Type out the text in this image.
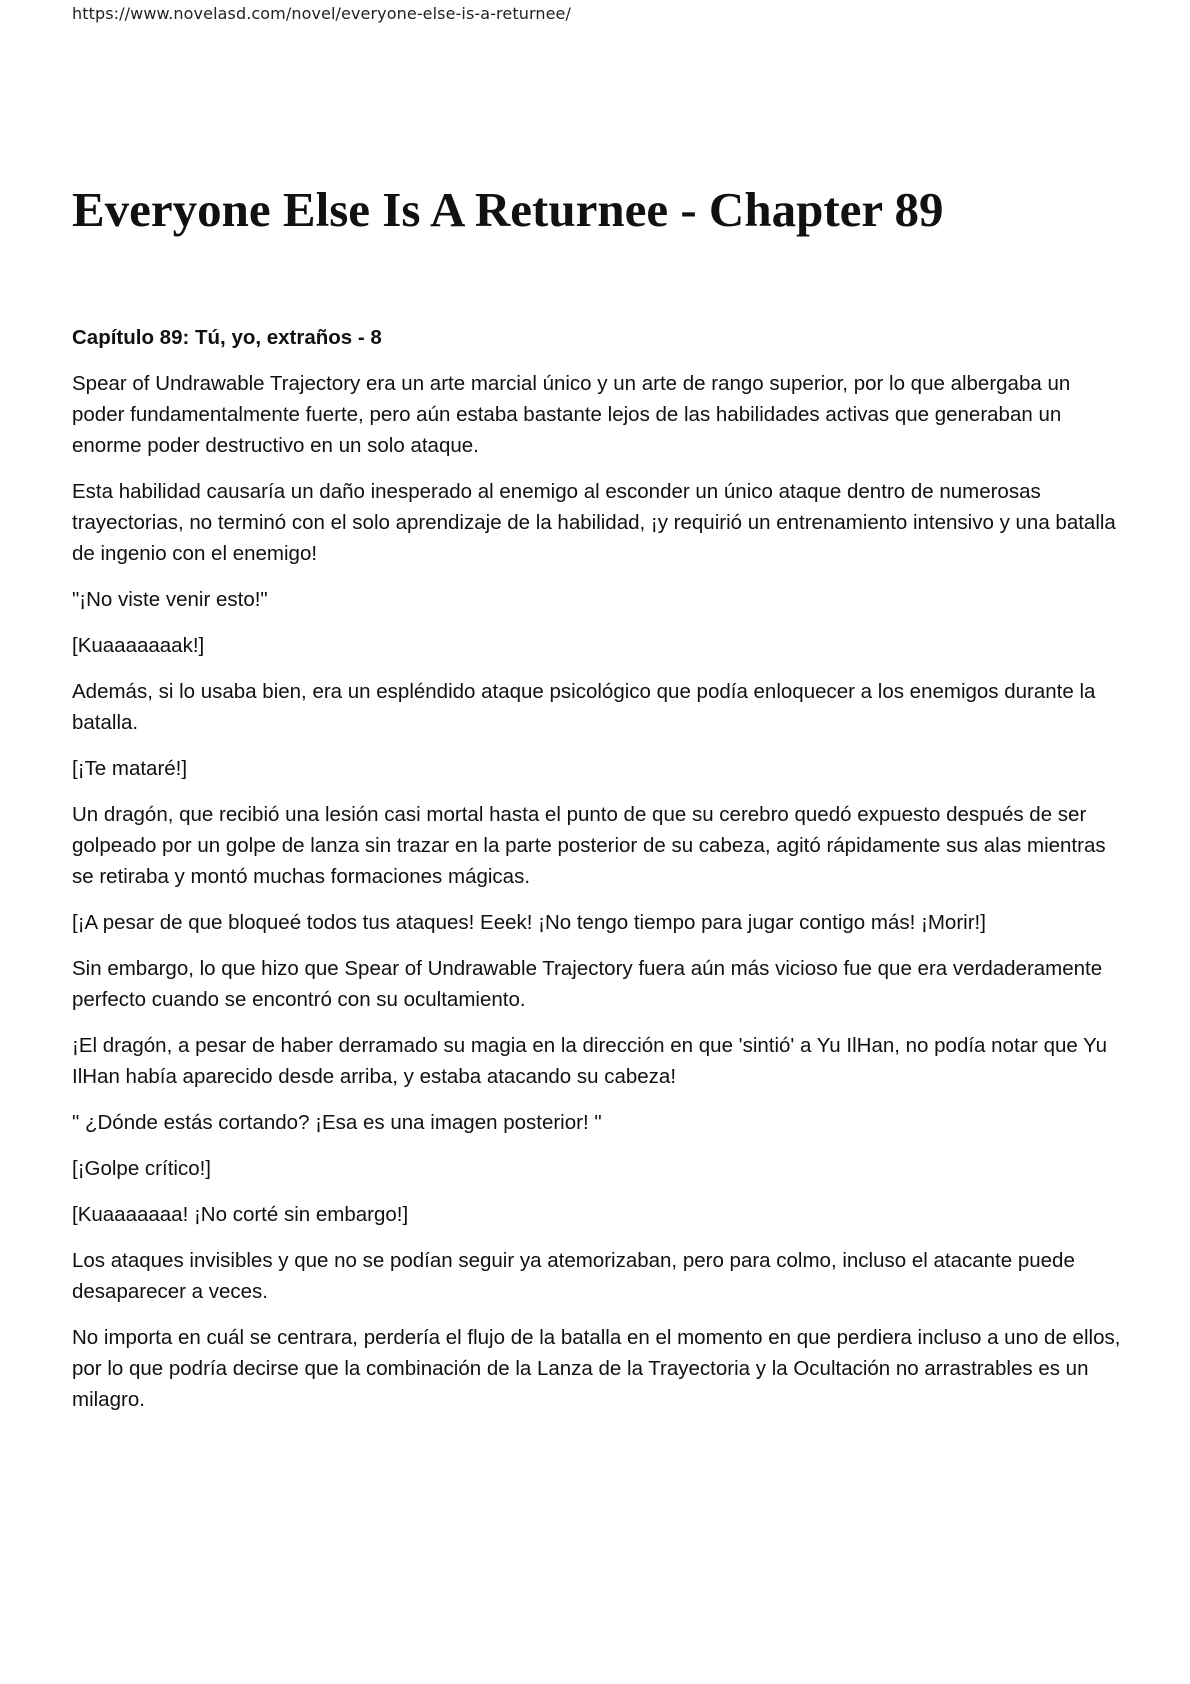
https://www.novelasd.com/novel/everyone-else-is-a-returnee/
Everyone Else Is A Returnee - Chapter 89
Capítulo 89: Tú, yo, extraños - 8

Spear of Undrawable Trajectory era un arte marcial único y un arte de rango superior, por lo que albergaba un poder fundamentalmente fuerte, pero aún estaba bastante lejos de las habilidades activas que generaban un enorme poder destructivo en un solo ataque.

Esta habilidad causaría un daño inesperado al enemigo al esconder un único ataque dentro de numerosas trayectorias, no terminó con el solo aprendizaje de la habilidad, ¡y requirió un entrenamiento intensivo y una batalla de ingenio con el enemigo!

"¡No viste venir esto!"

[Kuaaaaaaak!]

Además, si lo usaba bien, era un espléndido ataque psicológico que podía enloquecer a los enemigos durante la batalla.

[¡Te mataré!]

Un dragón, que recibió una lesión casi mortal hasta el punto de que su cerebro quedó expuesto después de ser golpeado por un golpe de lanza sin trazar en la parte posterior de su cabeza, agitó rápidamente sus alas mientras se retiraba y montó muchas formaciones mágicas.

[¡A pesar de que bloqueé todos tus ataques! Eeek! ¡No tengo tiempo para jugar contigo más! ¡Morir!]

Sin embargo, lo que hizo que Spear of Undrawable Trajectory fuera aún más vicioso fue que era verdaderamente perfecto cuando se encontró con su ocultamiento.

¡El dragón, a pesar de haber derramado su magia en la dirección en que 'sintió' a Yu IlHan, no podía notar que Yu IlHan había aparecido desde arriba, y estaba atacando su cabeza!

" ¿Dónde estás cortando? ¡Esa es una imagen posterior! "

[¡Golpe crítico!]

[Kuaaaaaaa! ¡No corté sin embargo!]

Los ataques invisibles y que no se podían seguir ya atemorizaban, pero para colmo, incluso el atacante puede desaparecer a veces.

No importa en cuál se centrara, perdería el flujo de la batalla en el momento en que perdiera incluso a uno de ellos, por lo que podría decirse que la combinación de la Lanza de la Trayectoria y la Ocultación no arrastrables es un milagro.
